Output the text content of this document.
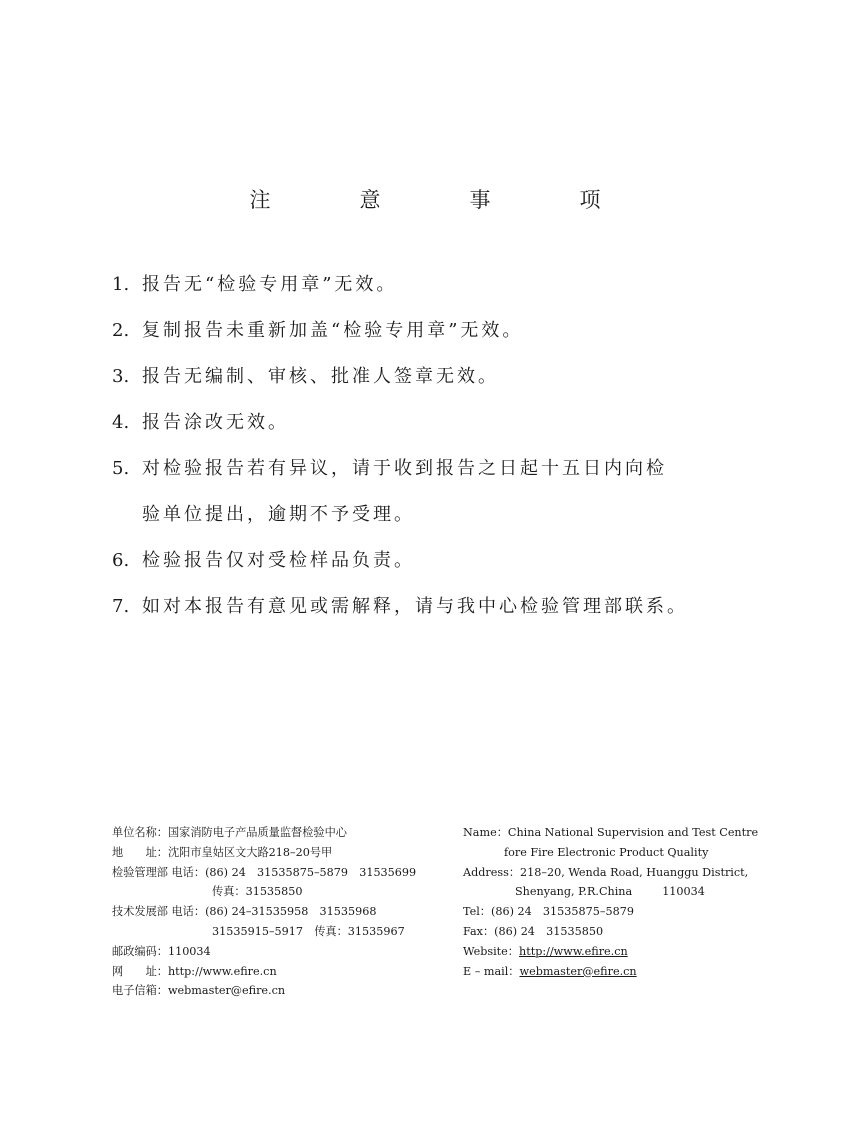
注　意　事　项
1. 报告无“检验专用章”无效。
2. 复制报告未重新加盖“检验专用章”无效。
3. 报告无编制、审核、批准人签章无效。
4. 报告涂改无效。
5. 对检验报告若有异议，请于收到报告之日起十五日内向检
验单位提出，逾期不予受理。
6. 检验报告仅对受检样品负责。
7. 如对本报告有意见或需解释，请与我中心检验管理部联系。
单位名称：国家消防电子产品质量监督检验中心
地　　址：沈阳市皇姑区文大路218–20号甲
检验管理部 电话：(86) 24　31535875–5879　31535699
传真：31535850
技术发展部 电话：(86) 24–31535958　31535968
31535915–5917　 传真：31535967
邮政编码：110034
网　　址：http://www.efire.cn
电子信箱：webmaster@efire.cn
Name：China National Supervision and Test Centre
fore Fire Electronic Product Quality
Address：218–20, Wenda Road, Huanggu District,
Shenyang, P.R.China	110034
Tel：(86) 24　31535875–5879
Fax：(86) 24　31535850
Website：http://www.efire.cn
E – mail：webmaster@efire.cn
